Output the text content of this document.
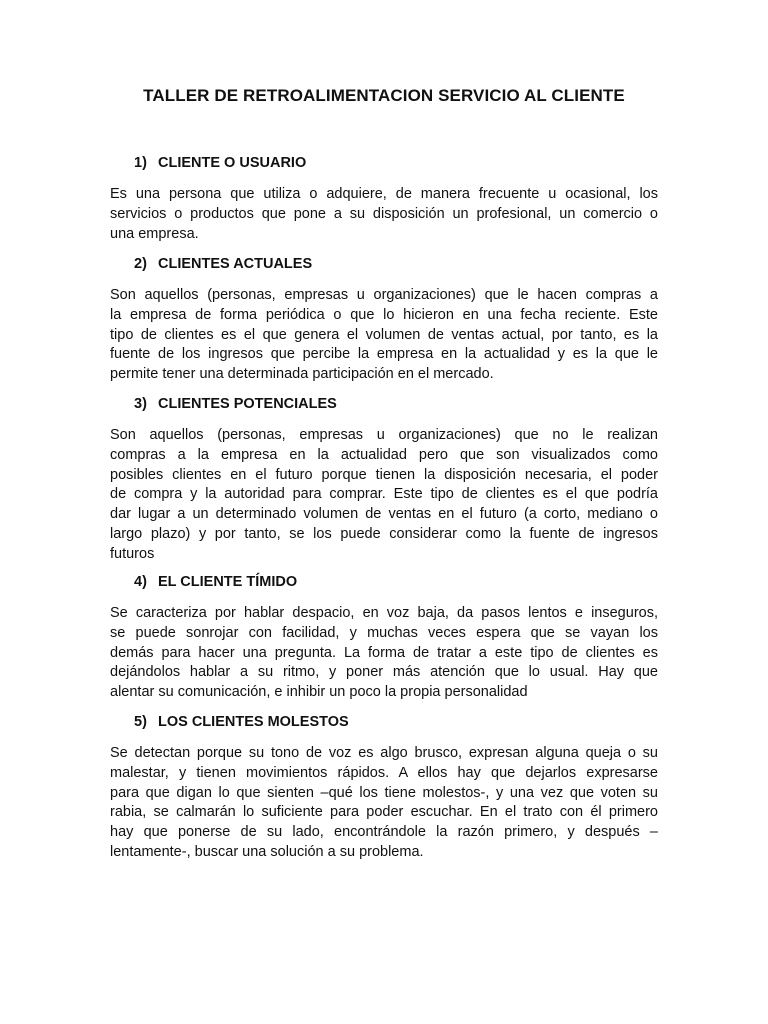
TALLER DE RETROALIMENTACION SERVICIO AL CLIENTE
1) CLIENTE O USUARIO
Es una persona que utiliza o adquiere, de manera frecuente u ocasional, los
servicios o productos que pone a su disposición un profesional, un comercio o
una empresa.
2) CLIENTES ACTUALES
Son aquellos (personas, empresas u organizaciones) que le hacen compras a
la empresa de forma periódica o que lo hicieron en una fecha reciente. Este
tipo de clientes es el que genera el volumen de ventas actual, por tanto, es la
fuente de los ingresos que percibe la empresa en la actualidad y es la que le
permite tener una determinada participación en el mercado.
3) CLIENTES POTENCIALES
Son aquellos (personas, empresas u organizaciones) que no le realizan
compras a la empresa en la actualidad pero que son visualizados como
posibles clientes en el futuro porque tienen la disposición necesaria, el poder
de compra y la autoridad para comprar. Este tipo de clientes es el que podría
dar lugar a un determinado volumen de ventas en el futuro (a corto, mediano o
largo plazo) y por tanto, se los puede considerar como la fuente de ingresos
futuros
4) EL CLIENTE TÍMIDO
Se caracteriza por hablar despacio, en voz baja, da pasos lentos e inseguros,
se puede sonrojar con facilidad, y muchas veces espera que se vayan los
demás para hacer una pregunta. La forma de tratar a este tipo de clientes es
dejándolos hablar a su ritmo, y poner más atención que lo usual. Hay que
alentar su comunicación, e inhibir un poco la propia personalidad
5) LOS CLIENTES MOLESTOS
Se detectan porque su tono de voz es algo brusco, expresan alguna queja o su
malestar, y tienen movimientos rápidos. A ellos hay que dejarlos expresarse
para que digan lo que sienten –qué los tiene molestos-, y una vez que voten su
rabia, se calmarán lo suficiente para poder escuchar. En el trato con él primero
hay que ponerse de su lado, encontrándole la razón primero, y después –
lentamente-, buscar una solución a su problema.
